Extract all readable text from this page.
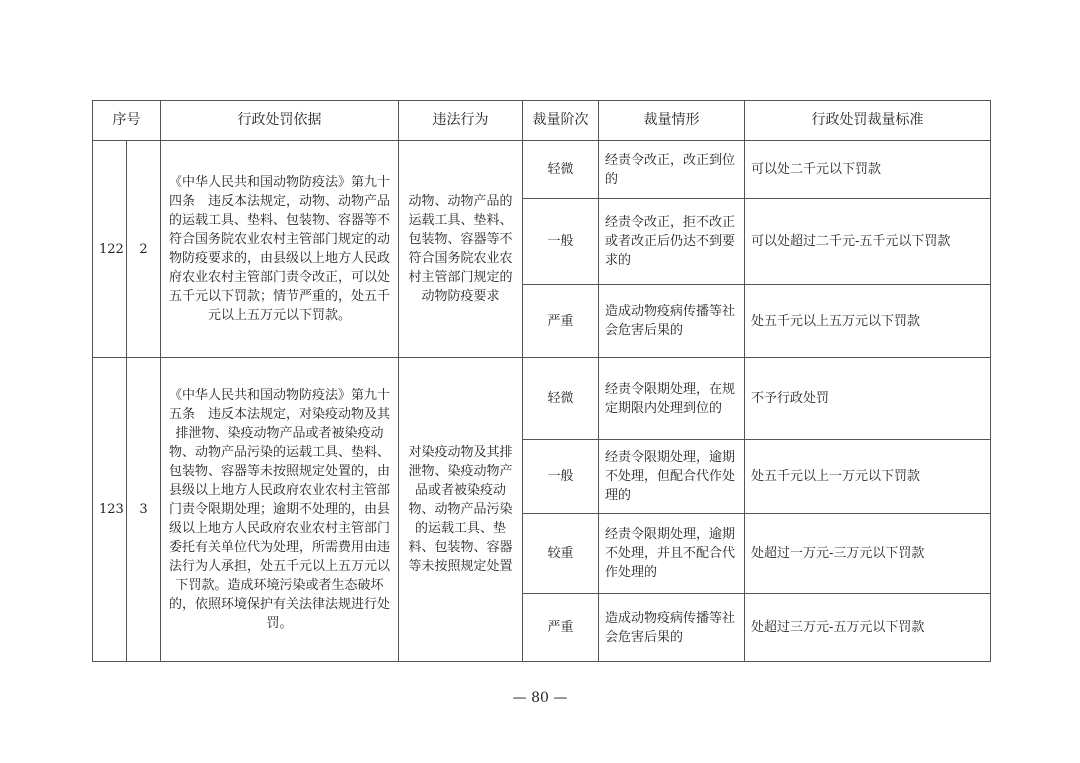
序号		行政处罚依据	违法行为	裁量阶次	裁量情形	行政处罚裁量标准
122	2	《中华人民共和国动物防疫法》第九十四条　违反本法规定，动物、动物产品的运载工具、垫料、包装物、容器等不符合国务院农业农村主管部门规定的动物防疫要求的，由县级以上地方人民政府农业农村主管部门责令改正，可以处五千元以下罚款；情节严重的，处五千元以上五万元以下罚款。	动物、动物产品的运载工具、垫料、包装物、容器等不符合国务院农业农村主管部门规定的动物防疫要求	轻微	经责令改正，改正到位的	可以处二千元以下罚款
				一般	经责令改正，拒不改正或者改正后仍达不到要求的	可以处超过二千元-五千元以下罚款
				严重	造成动物疫病传播等社会危害后果的	处五千元以上五万元以下罚款
123	3	《中华人民共和国动物防疫法》第九十五条　违反本法规定，对染疫动物及其排泄物、染疫动物产品或者被染疫动物、动物产品污染的运载工具、垫料、包装物、容器等未按照规定处置的，由县级以上地方人民政府农业农村主管部门责令限期处理；逾期不处理的，由县级以上地方人民政府农业农村主管部门委托有关单位代为处理，所需费用由违法行为人承担，处五千元以上五万元以下罚款。造成环境污染或者生态破坏的，依照环境保护有关法律法规进行处罚。	对染疫动物及其排泄物、染疫动物产品或者被染疫动物、动物产品污染的运载工具、垫料、包装物、容器等未按照规定处置	轻微	经责令限期处理，在规定期限内处理到位的	不予行政处罚
				一般	经责令限期处理，逾期不处理，但配合代作处理的	处五千元以上一万元以下罚款
				较重	经责令限期处理，逾期不处理，并且不配合代作处理的	处超过一万元-三万元以下罚款
				严重	造成动物疫病传播等社会危害后果的	处超过三万元-五万元以下罚款
— 80 —
